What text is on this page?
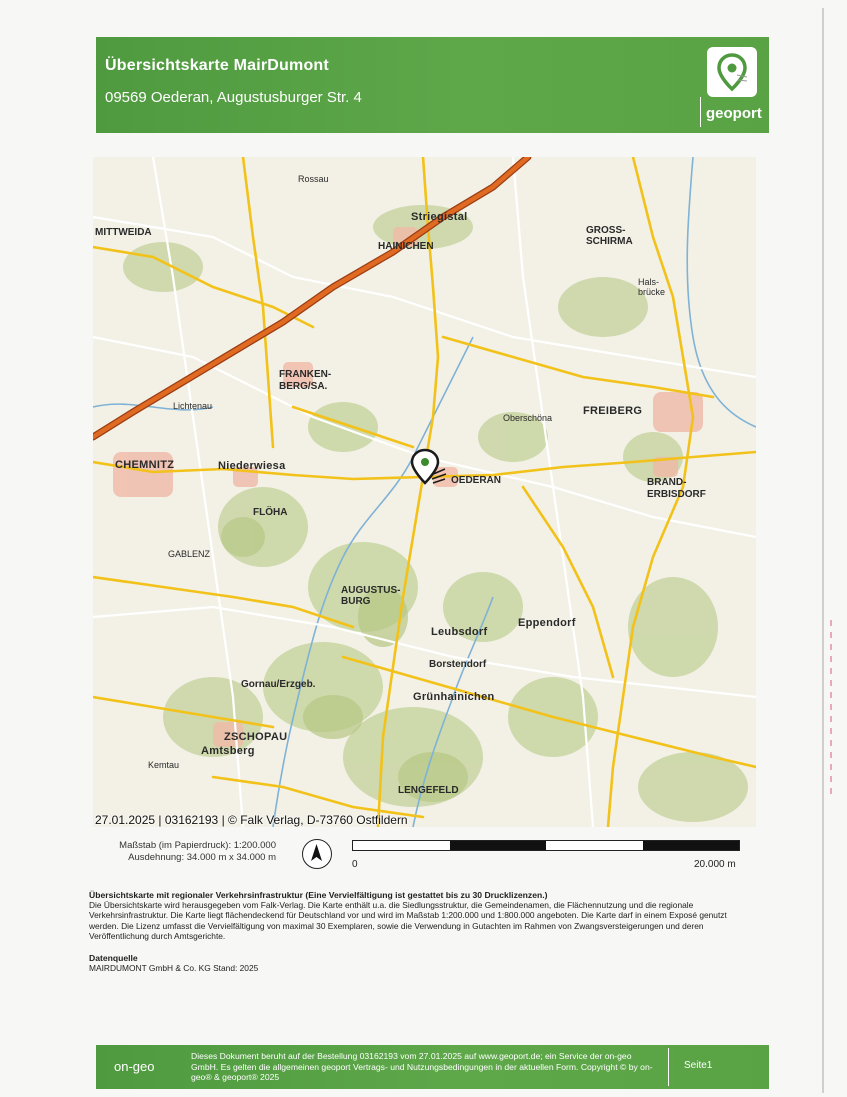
Übersichtskarte MairDumont
09569 Oederan, Augustusburger Str. 4
geoport
MITTWEIDA
HAINICHEN
Striegistal
GROSS-SCHIRMA
FRANKEN-BERG/SA.
FREIBERG
CHEMNITZ	Niederwiesa
OEDERAN	BRAND-ERBISDORF
FLÖHA
AUGUSTUS-BURG
Leubsdorf
Eppendorf
Borstendorf
Gornau/Erzgeb.
Grünhainichen
ZSCHOPAU
Amtsberg
LENGEFELD
Rossau
Hals-brücke
Oberschöna
Lichtenau
GABLENZ
Kemtau
27.01.2025 | 03162193 | © Falk Verlag, D-73760 Ostfildern
Maßstab (im Papierdruck): 1:200.000
Ausdehnung: 34.000 m x 34.000 m
0	20.000 m
Übersichtskarte mit regionaler Verkehrsinfrastruktur (Eine Vervielfältigung ist gestattet bis zu 30 Drucklizenzen.)
Die Übersichtskarte wird herausgegeben vom Falk-Verlag. Die Karte enthält u.a. die Siedlungsstruktur, die Gemeindenamen, die Flächennutzung und die regionale Verkehrsinfrastruktur. Die Karte liegt flächendeckend für Deutschland vor und wird im Maßstab 1:200.000 und 1:800.000 angeboten. Die Karte darf in einem Exposé genutzt werden. Die Lizenz umfasst die Vervielfältigung von maximal 30 Exemplaren, sowie die Verwendung in Gutachten im Rahmen von Zwangsversteigerungen und deren Veröffentlichung durch Amtsgerichte.
Datenquelle
MAIRDUMONT GmbH & Co. KG Stand: 2025
on-geo
Dieses Dokument beruht auf der Bestellung 03162193 vom 27.01.2025 auf www.geoport.de; ein Service der on-geo GmbH. Es gelten die allgemeinen geoport Vertrags- und Nutzungsbedingungen in der aktuellen Form. Copyright © by on-geo® & geoport® 2025
Seite1
